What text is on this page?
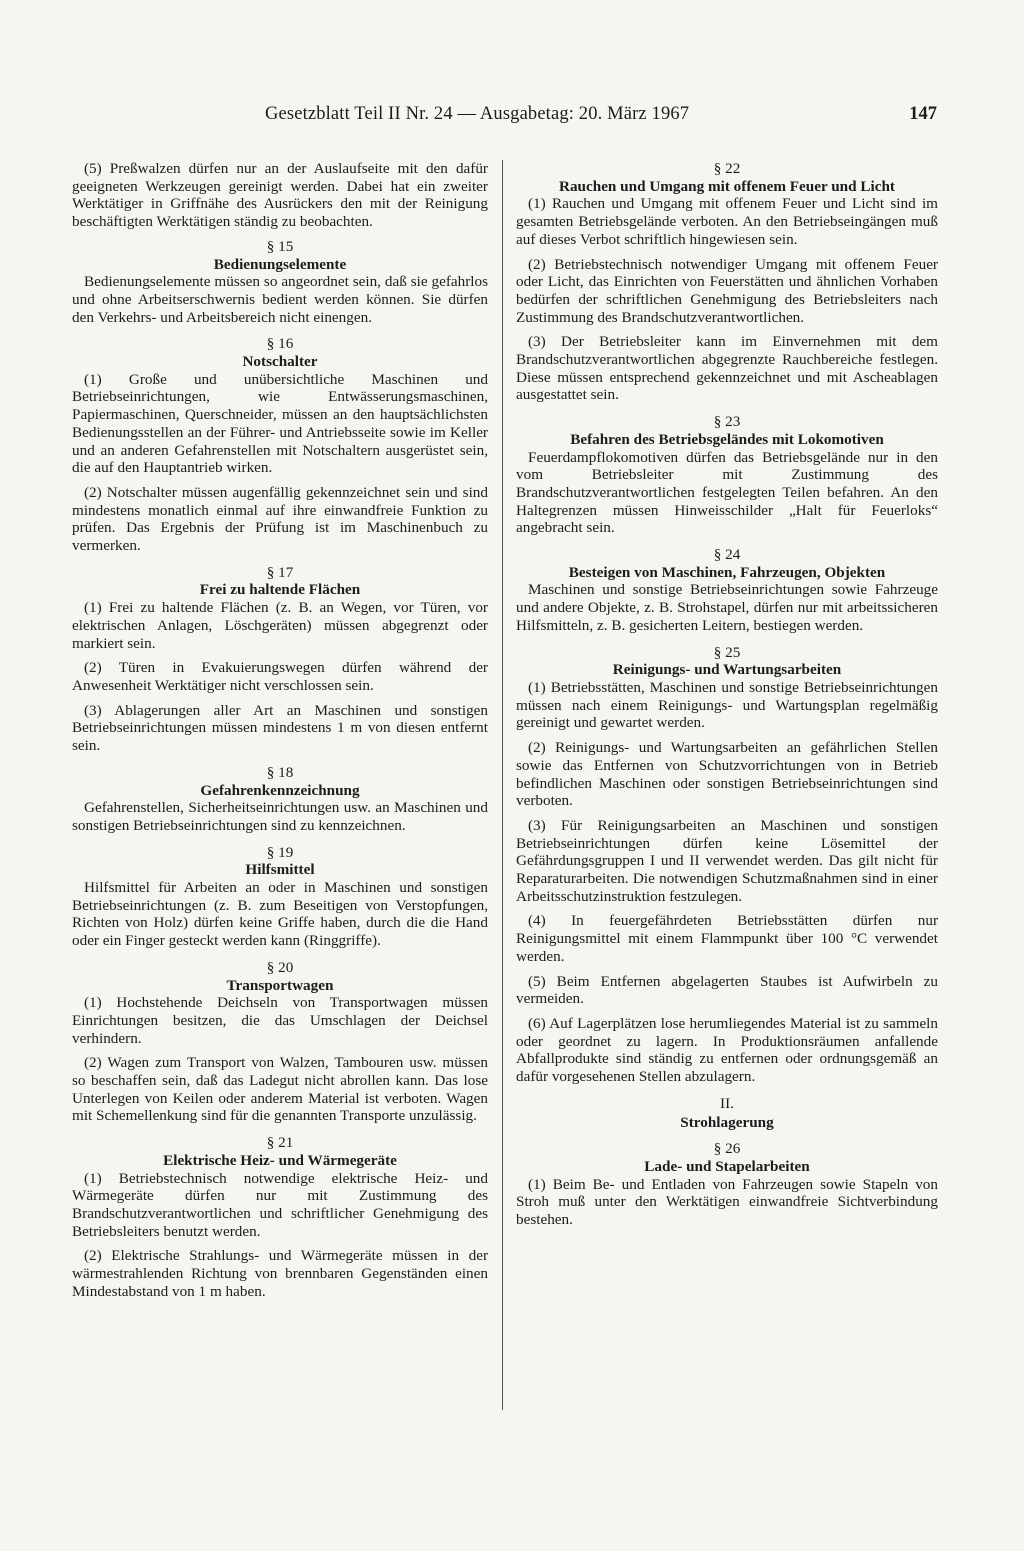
Gesetzblatt Teil II Nr. 24 — Ausgabetag: 20. März 1967	147

(5) Preßwalzen dürfen nur an der Auslaufseite mit den dafür geeigneten Werkzeugen gereinigt werden. Dabei hat ein zweiter Werktätiger in Griffnähe des Ausrückers den mit der Reinigung beschäftigten Werktätigen ständig zu beobachten.

§ 15
Bedienungselemente

Bedienungselemente müssen so angeordnet sein, daß sie gefahrlos und ohne Arbeitserschwernis bedient werden können. Sie dürfen den Verkehrs- und Arbeitsbereich nicht einengen.

§ 16
Notschalter

(1) Große und unübersichtliche Maschinen und Betriebseinrichtungen, wie Entwässerungsmaschinen, Papiermaschinen, Querschneider, müssen an den hauptsächlichsten Bedienungsstellen an der Führer- und Antriebsseite sowie im Keller und an anderen Gefahrenstellen mit Notschaltern ausgerüstet sein, die auf den Hauptantrieb wirken.

(2) Notschalter müssen augenfällig gekennzeichnet sein und sind mindestens monatlich einmal auf ihre einwandfreie Funktion zu prüfen. Das Ergebnis der Prüfung ist im Maschinenbuch zu vermerken.

§ 17
Frei zu haltende Flächen

(1) Frei zu haltende Flächen (z. B. an Wegen, vor Türen, vor elektrischen Anlagen, Löschgeräten) müssen abgegrenzt oder markiert sein.

(2) Türen in Evakuierungswegen dürfen während der Anwesenheit Werktätiger nicht verschlossen sein.

(3) Ablagerungen aller Art an Maschinen und sonstigen Betriebseinrichtungen müssen mindestens 1 m von diesen entfernt sein.

§ 18
Gefahrenkennzeichnung

Gefahrenstellen, Sicherheitseinrichtungen usw. an Maschinen und sonstigen Betriebseinrichtungen sind zu kennzeichnen.

§ 19
Hilfsmittel

Hilfsmittel für Arbeiten an oder in Maschinen und sonstigen Betriebseinrichtungen (z. B. zum Beseitigen von Verstopfungen, Richten von Holz) dürfen keine Griffe haben, durch die die Hand oder ein Finger gesteckt werden kann (Ringgriffe).

§ 20
Transportwagen

(1) Hochstehende Deichseln von Transportwagen müssen Einrichtungen besitzen, die das Umschlagen der Deichsel verhindern.

(2) Wagen zum Transport von Walzen, Tambouren usw. müssen so beschaffen sein, daß das Ladegut nicht abrollen kann. Das lose Unterlegen von Keilen oder anderem Material ist verboten. Wagen mit Schemellenkung sind für die genannten Transporte unzulässig.

§ 21
Elektrische Heiz- und Wärmegeräte

(1) Betriebstechnisch notwendige elektrische Heiz- und Wärmegeräte dürfen nur mit Zustimmung des Brandschutzverantwortlichen und schriftlicher Genehmigung des Betriebsleiters benutzt werden.

(2) Elektrische Strahlungs- und Wärmegeräte müssen in der wärmestrahlenden Richtung von brennbaren Gegenständen einen Mindestabstand von 1 m haben.

§ 22
Rauchen und Umgang mit offenem Feuer und Licht

(1) Rauchen und Umgang mit offenem Feuer und Licht sind im gesamten Betriebsgelände verboten. An den Betriebseingängen muß auf dieses Verbot schriftlich hingewiesen sein.

(2) Betriebstechnisch notwendiger Umgang mit offenem Feuer oder Licht, das Einrichten von Feuerstätten und ähnlichen Vorhaben bedürfen der schriftlichen Genehmigung des Betriebsleiters nach Zustimmung des Brandschutzverantwortlichen.

(3) Der Betriebsleiter kann im Einvernehmen mit dem Brandschutzverantwortlichen abgegrenzte Rauchbereiche festlegen. Diese müssen entsprechend gekennzeichnet und mit Ascheablagen ausgestattet sein.

§ 23
Befahren des Betriebsgeländes mit Lokomotiven

Feuerdampflokomotiven dürfen das Betriebsgelände nur in den vom Betriebsleiter mit Zustimmung des Brandschutzverantwortlichen festgelegten Teilen befahren. An den Haltegrenzen müssen Hinweisschilder „Halt für Feuerloks“ angebracht sein.

§ 24
Besteigen von Maschinen, Fahrzeugen, Objekten

Maschinen und sonstige Betriebseinrichtungen sowie Fahrzeuge und andere Objekte, z. B. Strohstapel, dürfen nur mit arbeitssicheren Hilfsmitteln, z. B. gesicherten Leitern, bestiegen werden.

§ 25
Reinigungs- und Wartungsarbeiten

(1) Betriebsstätten, Maschinen und sonstige Betriebseinrichtungen müssen nach einem Reinigungs- und Wartungsplan regelmäßig gereinigt und gewartet werden.

(2) Reinigungs- und Wartungsarbeiten an gefährlichen Stellen sowie das Entfernen von Schutzvorrichtungen von in Betrieb befindlichen Maschinen oder sonstigen Betriebseinrichtungen sind verboten.

(3) Für Reinigungsarbeiten an Maschinen und sonstigen Betriebseinrichtungen dürfen keine Lösemittel der Gefährdungsgruppen I und II verwendet werden. Das gilt nicht für Reparaturarbeiten. Die notwendigen Schutzmaßnahmen sind in einer Arbeitsschutzinstruktion festzulegen.

(4) In feuergefährdeten Betriebsstätten dürfen nur Reinigungsmittel mit einem Flammpunkt über 100 °C verwendet werden.

(5) Beim Entfernen abgelagerten Staubes ist Aufwirbeln zu vermeiden.

(6) Auf Lagerplätzen lose herumliegendes Material ist zu sammeln oder geordnet zu lagern. In Produktionsräumen anfallende Abfallprodukte sind ständig zu entfernen oder ordnungsgemäß an dafür vorgesehenen Stellen abzulagern.

II.
Strohlagerung
§ 26
Lade- und Stapelarbeiten

(1) Beim Be- und Entladen von Fahrzeugen sowie Stapeln von Stroh muß unter den Werktätigen einwandfreie Sichtverbindung bestehen.
